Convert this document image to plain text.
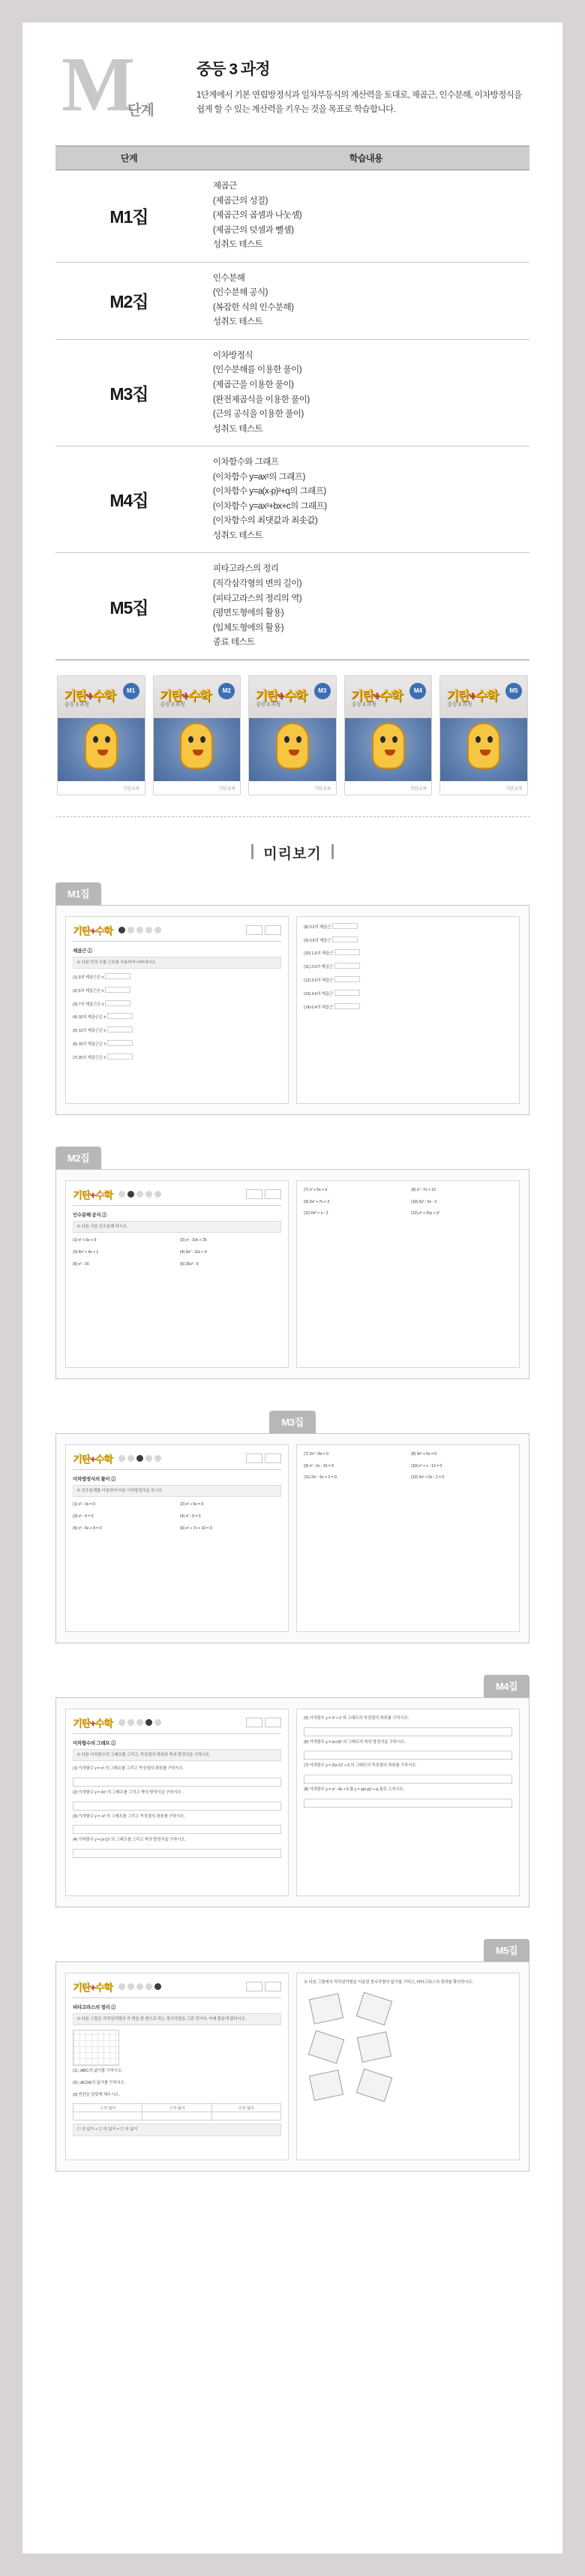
M
단계
중등 3 과정
1단계에서 기본 연립방정식과 일차부등식의 계산력을 토대로, 제곱근, 인수분해, 이차방정식을 쉽게 할 수 있는 계산력을 키우는 것을 목표로 학습합니다.
단계	학습내용
M1집	제곱근
(제곱근의 성질)
(제곱근의 곱셈과 나눗셈)
(제곱근의 덧셈과 뺄셈)
성취도 테스트

M2집	인수분해
(인수분해 공식)
(복잡한 식의 인수분해)
성취도 테스트

M3집	
이차방정식
(인수분해를 이용한 풀이)
(제곱근을 이용한 풀이)
(완전제곱식을 이용한 풀이)
(근의 공식을 이용한 풀이)
성취도 테스트

M4집	
이차함수와 그래프
(이차함수 y=ax²의 그래프)
(이차함수 y=a(x-p)²+q의 그래프)
(이차함수 y=ax²+bx+c의 그래프)
(이차함수의 최댓값과 최솟값)
성취도 테스트

M5집	
피타고라스의 정리
(직각삼각형의 변의 길이)
(피타고라스의 정리의 역)
(평면도형에의 활용)
(입체도형에의 활용)
종료 테스트
기탄+수학
중등 3 과정
M1
기탄교육
기탄+수학
중등 3 과정
M2
기탄교육
기탄+수학
중등 3 과정
M3
기탄교육
기탄+수학
중등 3 과정
M4
기탄교육
기탄+수학
중등 3 과정
M5
기탄교육
미리보기
M1집
기탄+수학
제곱근 ①
※ 다음 안의 수를 근호를 사용하여 나타내시오.
(1) 3의 제곱근은 ±
(2) 5의 제곱근은 ±
(3) 7의 제곱근은 ±
(4) 10의 제곱근은 ±
(5) 12의 제곱근은 ±
(6) 15의 제곱근은 ±
(7) 20의 제곱근은 ±
(8) 0.2의 제곱근
(9) 0.5의 제곱근
(10) 1.6의 제곱근
(11) 2.5의 제곱근
(12) 3.6의 제곱근
(13) 4.9의 제곱근
(14) 6.4의 제곱근
M2집
기탄+수학
인수분해 공식 ①
※ 다음 식을 인수분해 하시오.
(1) x² + 6x + 9
(3) 4x² + 4x + 1
(5) x² - 16
(2) x² - 10x + 25
(4) 9x² - 12x + 4
(6) 25x² - 9
(7) x² + 5x + 6
(9) 2x² + 7x + 3
(11) 6x² + x - 2
(8) x² - 7x + 12
(10) 3x² - 5x - 2
(12) x² + 2xy + y²
M3집
기탄+수학
이차방정식의 풀이 ①
※ 인수분해를 이용하여 다음 이차방정식을 푸시오.
(1) x² - 3x = 0
(3) x² - 4 = 0
(5) x² - 6x + 8 = 0
(2) x² + 5x = 0
(4) x² - 9 = 0
(6) x² + 7x + 10 = 0
(7) 2x² - 8x = 0
(9) x² - 2x - 15 = 0
(11) 2x² - 5x + 2 = 0
(8) 3x² + 6x = 0
(10) x² + x - 12 = 0
(12) 3x² + 5x - 2 = 0
M4집
기탄+수학
이차함수의 그래프 ①
※ 다음 이차함수의 그래프를 그리고, 꼭짓점의 좌표와 축의 방정식을 구하시오.
(1) 이차함수 y = x² 의 그래프를 그리고 꼭짓점의 좌표를 구하시오.
(2) 이차함수 y = 2x² 의 그래프를 그리고 축의 방정식을 구하시오.
(3) 이차함수 y = -x² 의 그래프를 그리고 꼭짓점의 좌표를 구하시오.
(4) 이차함수 y = (x-1)² 의 그래프를 그리고 축의 방정식을 구하시오.
(5) 이차함수 y = x² + 2 의 그래프의 꼭짓점의 좌표를 구하시오.
(6) 이차함수 y = (x+3)² 의 그래프의 축의 방정식을 구하시오.
(7) 이차함수 y = 2(x-1)² + 3 의 그래프의 꼭짓점의 좌표를 구하시오.
(8) 이차함수 y = x² - 4x + 5 를 y = a(x-p)² + q 꼴로 고치시오.
M5집
기탄+수학
피타고라스의 정리 ①
※ 다음 그림은 직각삼각형의 각 변을 한 변으로 하는 정사각형을 그린 것이다. 아래 물음에 답하시오.
(1) □ABC의 넓이를 구하시오.
(2) □ACDE의 넓이를 구하시오.
(3) 빈칸을 알맞게 채우시오.
①의 넓이	②의 넓이	③의 넓이

① 의 넓이 + ② 의 넓이 = ③ 의 넓이
※ 다음 그림에서 직각삼각형을 이용한 정사각형의 넓이를 구하고, 피타고라스의 정리를 확인하시오.
